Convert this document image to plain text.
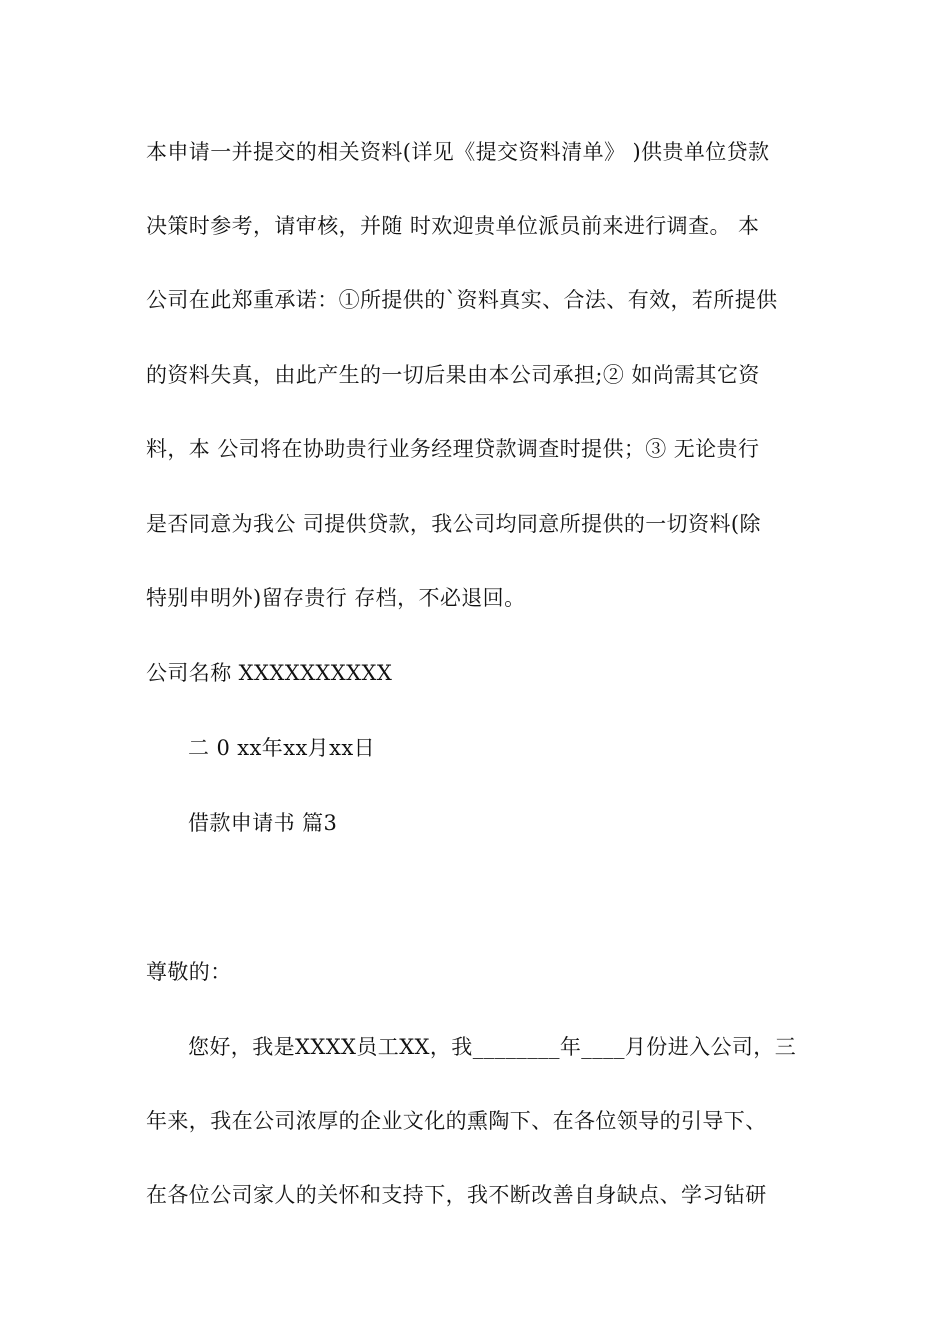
本申请一并提交的相关资料(详见《提交资料清单》 )供贵单位贷款
决策时参考，请审核，并随 时欢迎贵单位派员前来进行调查。 本
公司在此郑重承诺：①所提供的`资料真实、合法、有效，若所提供
的资料失真，由此产生的一切后果由本公司承担;② 如尚需其它资
料，本 公司将在协助贵行业务经理贷款调查时提供；③ 无论贵行
是否同意为我公 司提供贷款，我公司均同意所提供的一切资料(除
特别申明外)留存贵行 存档，不必退回。
公司名称 XXXXXXXXXX
二 0 xx年xx月xx日
借款申请书 篇3
尊敬的：
您好，我是XXXX员工XX，我________年____月份进入公司，三
年来，我在公司浓厚的企业文化的熏陶下、在各位领导的引导下、
在各位公司家人的关怀和支持下，我不断改善自身缺点、学习钻研
